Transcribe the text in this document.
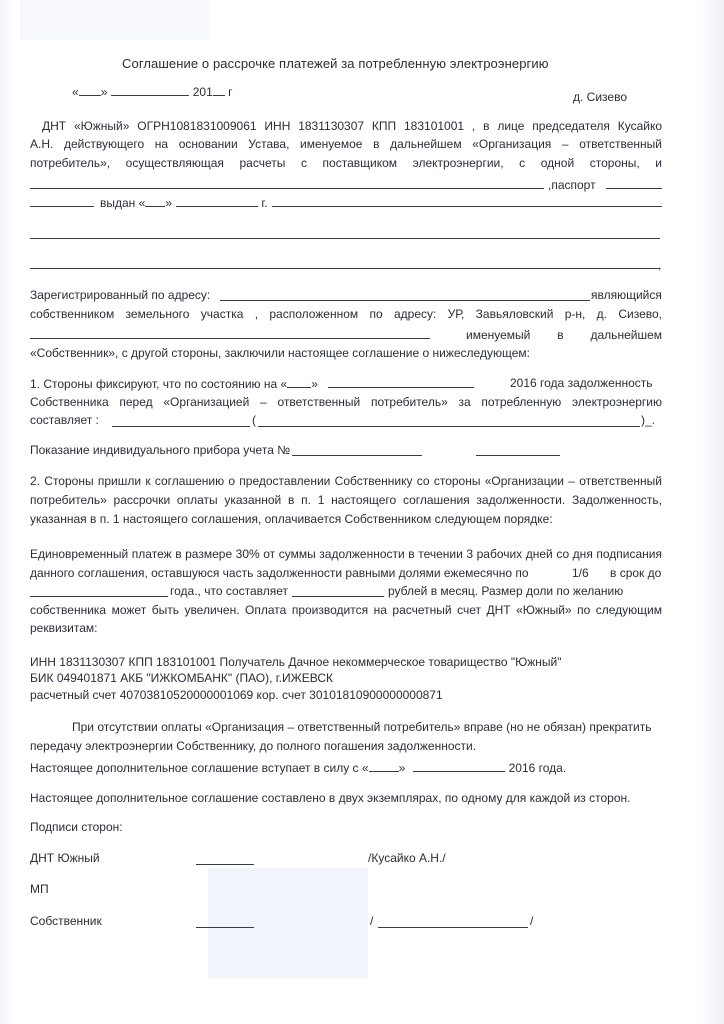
Соглашение о рассрочке платежей за потребленную электроэнергию
« »	201 г	д. Сизево
ДНТ «Южный» ОГРН1081831009061 ИНН 1831130307 КПП 183101001 , в лице председателя Кусайко
А.Н. действующего на основании Устава, именуемое в дальнейшем «Организация – ответственный
потребитель», осуществляющая расчеты с поставщиком электроэнергии, с одной стороны, и
,паспорт
выдан « »	г.
,
Зарегистрированный по адресу:	являющийся
собственником земельного участка , расположенном по адресу: УР, Завьяловский р-н, д. Сизево,
именуемый в дальнейшем
«Собственник», с другой стороны, заключили настоящее соглашение о нижеследующем:
1. Стороны фиксируют, что по состоянию на « »	2016 года задолженность
Собственника перед «Организацией – ответственный потребитель» за потребленную электроэнергию
составляет :	(	)_.
Показание индивидуального прибора учета №
2. Стороны пришли к соглашению о предоставлении Собственнику со стороны «Организации – ответственный
потребитель» рассрочки оплаты указанной в п. 1 настоящего соглашения задолженности. Задолженность,
указанная в п. 1 настоящего соглашения, оплачивается Собственником следующем порядке:
Единовременный платеж в размере 30% от суммы задолженности в течении 3 рабочих дней со дня подписания
данного соглашения, оставшуюся часть задолженности равными долями ежемесячно по	1/6 в срок до
года., что составляет	рублей в месяц. Размер доли по желанию
собственника может быть увеличен. Оплата производится на расчетный счет ДНТ «Южный» по следующим
реквизитам:
ИНН 1831130307 КПП 183101001 Получатель Дачное некоммерческое товарищество "Южный"
БИК 049401871 АКБ "ИЖКОМБАНК" (ПАО), г.ИЖЕВСК
расчетный счет 40703810520000001069 кор. счет 30101810900000000871
При отсутствии оплаты «Организация – ответственный потребитель» вправе (но не обязан) прекратить
передачу электроэнергии Собственнику, до полного погашения задолженности.
Настоящее дополнительное соглашение вступает в силу с «	»	2016 года.
Настоящее дополнительное соглашение составлено в двух экземплярах, по одному для каждой из сторон.
Подписи сторон:
ДНТ Южный	/Кусайко А.Н./
МП
Собственник	/	/
